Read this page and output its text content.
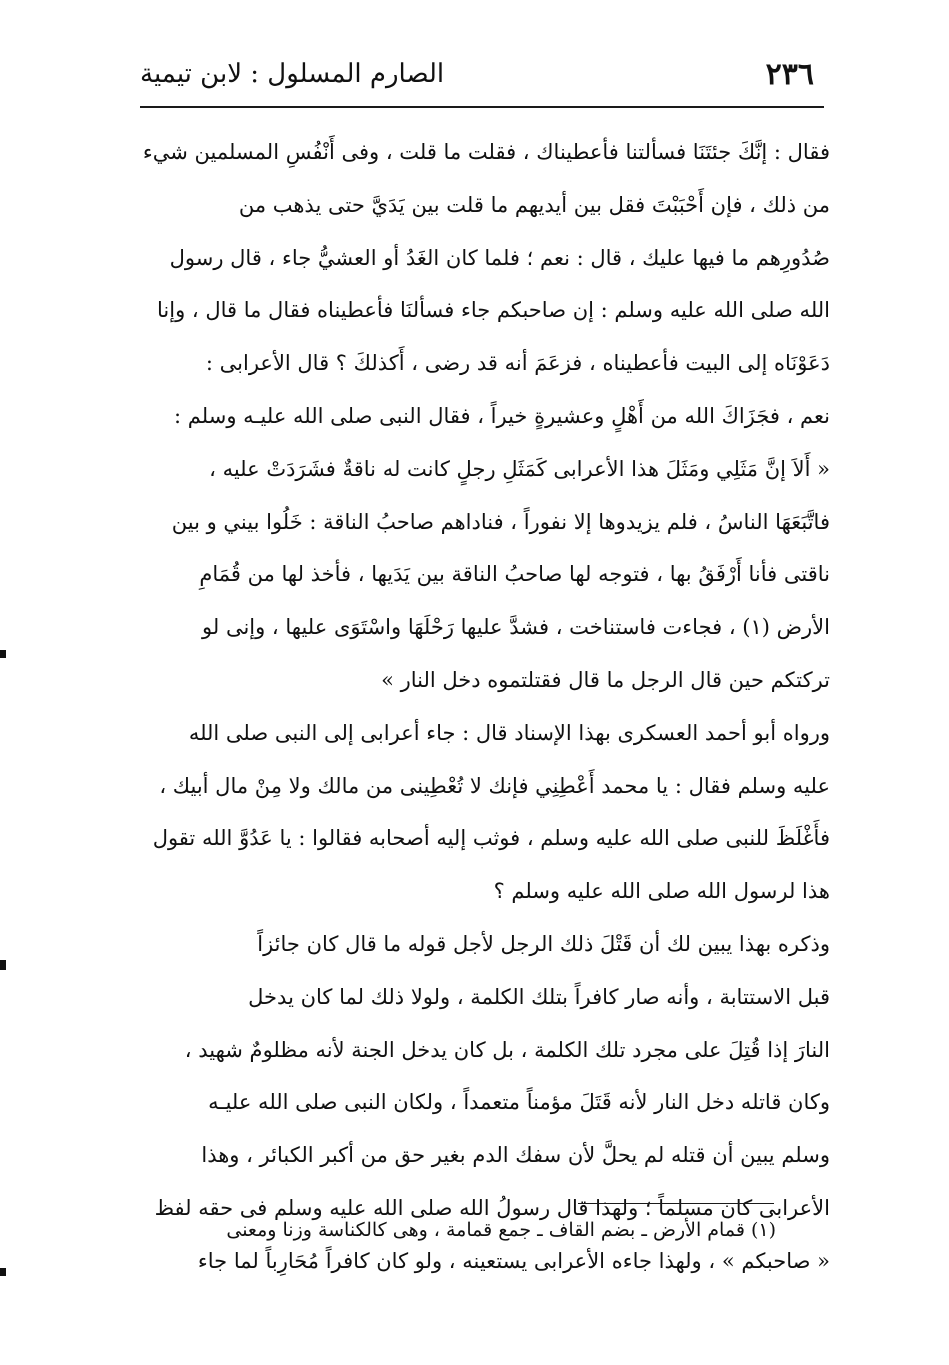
٢٣٦
الصارم المسلول : لابن تيمية
فقال : إنَّكَ جئتَنَا فسألتنا فأعطيناك ، فقلت ما قلت ، وفى أَنْفُسِ المسلمين شيء
من ذلك ، فإن أَحْبَبْتَ فقل بين أيديهم ما قلت بين يَدَيَّ حتى يذهب من
صُدُورِهم ما فيها عليك ، قال : نعم ؛ فلما كان الغَدُ أو العشيُّ جاء ، قال رسول
الله صلى الله عليه وسلم : إن صاحبكم جاء فسألنَا فأعطيناه فقال ما قال ، وإنا
دَعَوْنَاه إلى البيت فأعطيناه ، فزعَمَ أنه قد رضى ، أَكذلكَ ؟ قال الأعرابى :
نعم ، فجَزَاكَ الله من أَهْلٍ وعشيرةٍ خيراً ، فقال النبى صلى الله عليـه وسلم :
« أَلاَ إنَّ مَثَلِي ومَثَلَ هذا الأعرابى كَمَثَلِ رجلٍ كانت له ناقةٌ فشَرَدَتْ عليه ،
فاتَّبَعَهَا الناسُ ، فلم يزيدوها إلا نفوراً ، فناداهم صاحبُ الناقة : خَلُوا بيني و بين
ناقتى فأنا أَرْفَقُ بها ، فتوجه لها صاحبُ الناقة بين يَدَيها ، فأخذ لها من قُمَامِ
الأرض (١) ، فجاءت فاستناخت ، فشدَّ عليها رَحْلَهَا واسْتَوَى عليها ، وإنى لو
تركتكم حين قال الرجل ما قال فقتلتموه دخل النار »
ورواه أبو أحمد العسكرى بهذا الإسناد قال : جاء أعرابى إلى النبى صلى الله
عليه وسلم فقال : يا محمد أَعْطِنِي فإنك لا تُعْطِينى من مالك ولا مِنْ مال أبيك ،
فأَغْلَظَ للنبى صلى الله عليه وسلم ، فوثب إليه أصحابه فقالوا : يا عَدُوَّ الله تقول
هذا لرسول الله صلى الله عليه وسلم ؟
وذكره بهذا يبين لك أن قَتْلَ ذلك الرجل لأجل قوله ما قال كان جائزاً
قبل الاستتابة ، وأنه صار كافراً بتلك الكلمة ، ولولا ذلك لما كان يدخل
النارَ إذا قُتِلَ على مجرد تلك الكلمة ، بل كان يدخل الجنة لأنه مظلومٌ شهيد ،
وكان قاتله دخل النار لأنه قَتَلَ مؤمناً متعمداً ، ولكان النبى صلى الله عليـه
وسلم يبين أن قتله لم يحلَّ لأن سفك الدم بغير حق من أكبر الكبائر ، وهذا
الأعرابى كان مسلماً ؛ ولهذا قال رسولُ الله صلى الله عليه وسلم فى حقه لفظ
« صاحبكم » ، ولهذا جاءه الأعرابى يستعينه ، ولو كان كافراً مُحَارِباً لما جاء
(١) قمام الأرض ـ بضم القاف ـ جمع قمامة ، وهى كالكناسة وزنا ومعنى
